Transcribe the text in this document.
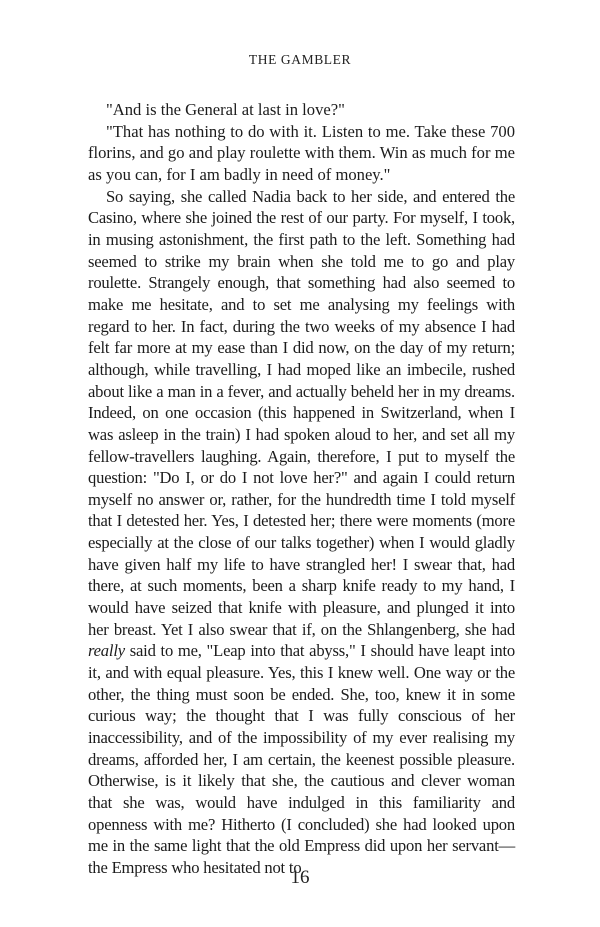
THE GAMBLER

"And is the General at last in love?"

"That has nothing to do with it. Listen to me. Take these 700 florins, and go and play roulette with them. Win as much for me as you can, for I am badly in need of money."

So saying, she called Nadia back to her side, and entered the Casino, where she joined the rest of our party. For myself, I took, in musing astonishment, the first path to the left. Something had seemed to strike my brain when she told me to go and play roulette. Strangely enough, that something had also seemed to make me hesitate, and to set me analysing my feelings with regard to her. In fact, during the two weeks of my absence I had felt far more at my ease than I did now, on the day of my return; although, while travelling, I had moped like an imbecile, rushed about like a man in a fever, and actually beheld her in my dreams. Indeed, on one occasion (this happened in Switzerland, when I was asleep in the train) I had spoken aloud to her, and set all my fellow-travellers laughing. Again, therefore, I put to myself the question: "Do I, or do I not love her?" and again I could return myself no answer or, rather, for the hundredth time I told myself that I detested her. Yes, I detested her; there were moments (more especially at the close of our talks together) when I would gladly have given half my life to have strangled her! I swear that, had there, at such moments, been a sharp knife ready to my hand, I would have seized that knife with pleasure, and plunged it into her breast. Yet I also swear that if, on the Shlangenberg, she had really said to me, "Leap into that abyss," I should have leapt into it, and with equal pleasure. Yes, this I knew well. One way or the other, the thing must soon be ended. She, too, knew it in some curious way; the thought that I was fully conscious of her inaccessibility, and of the impossibility of my ever realising my dreams, afforded her, I am certain, the keenest possible pleasure. Otherwise, is it likely that she, the cautious and clever woman that she was, would have indulged in this familiarity and openness with me? Hitherto (I concluded) she had looked upon me in the same light that the old Empress did upon her servant—the Empress who hesitated not to

16
